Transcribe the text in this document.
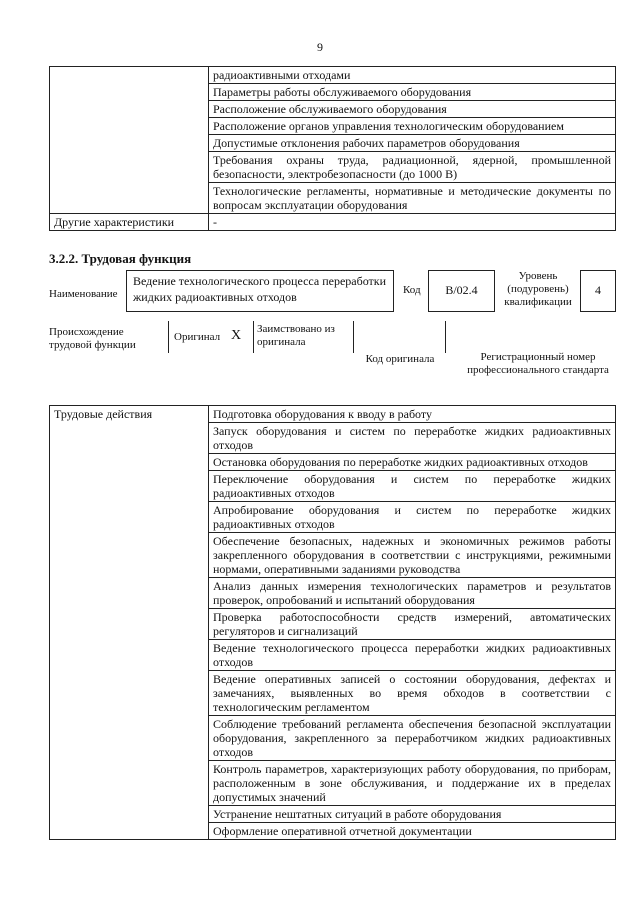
9
	радиоактивными отходами
	Параметры работы обслуживаемого оборудования
	Расположение обслуживаемого оборудования
	Расположение органов управления технологическим оборудованием
	Допустимые отклонения рабочих параметров оборудования
	Требования охраны труда, радиационной, ядерной, промышленной безопасности, электробезопасности (до 1000 В)
	Технологические регламенты, нормативные и методические документы по вопросам эксплуатации оборудования
Другие характеристики	-
3.2.2. Трудовая функция
Наименование
Ведение технологического процесса переработки жидких радиоактивных отходов	Код	B/02.4
Уровень (подуровень) квалификации
4
Происхождение трудовой функции
Оригинал X Заимствовано из оригинала
Код оригинала	Регистрационный номер профессионального стандарта
Трудовые действия	Подготовка оборудования к вводу в работу
Запуск оборудования и систем по переработке жидких радиоактивных отходов
Остановка оборудования по переработке жидких радиоактивных отходов
Переключение оборудования и систем по переработке жидких радиоактивных отходов
Апробирование оборудования и систем по переработке жидких радиоактивных отходов
Обеспечение безопасных, надежных и экономичных режимов работы закрепленного оборудования в соответствии с инструкциями, режимными нормами, оперативными заданиями руководства
Анализ данных измерения технологических параметров и результатов проверок, опробований и испытаний оборудования
Проверка работоспособности средств измерений, автоматических регуляторов и сигнализаций
Ведение технологического процесса переработки жидких радиоактивных отходов
Ведение оперативных записей о состоянии оборудования, дефектах и замечаниях, выявленных во время обходов в соответствии с технологическим регламентом
Соблюдение требований регламента обеспечения безопасной эксплуатации оборудования, закрепленного за переработчиком жидких радиоактивных отходов
Контроль параметров, характеризующих работу оборудования, по приборам, расположенным в зоне обслуживания, и поддержание их в пределах допустимых значений
Устранение нештатных ситуаций в работе оборудования
Оформление оперативной отчетной документации
